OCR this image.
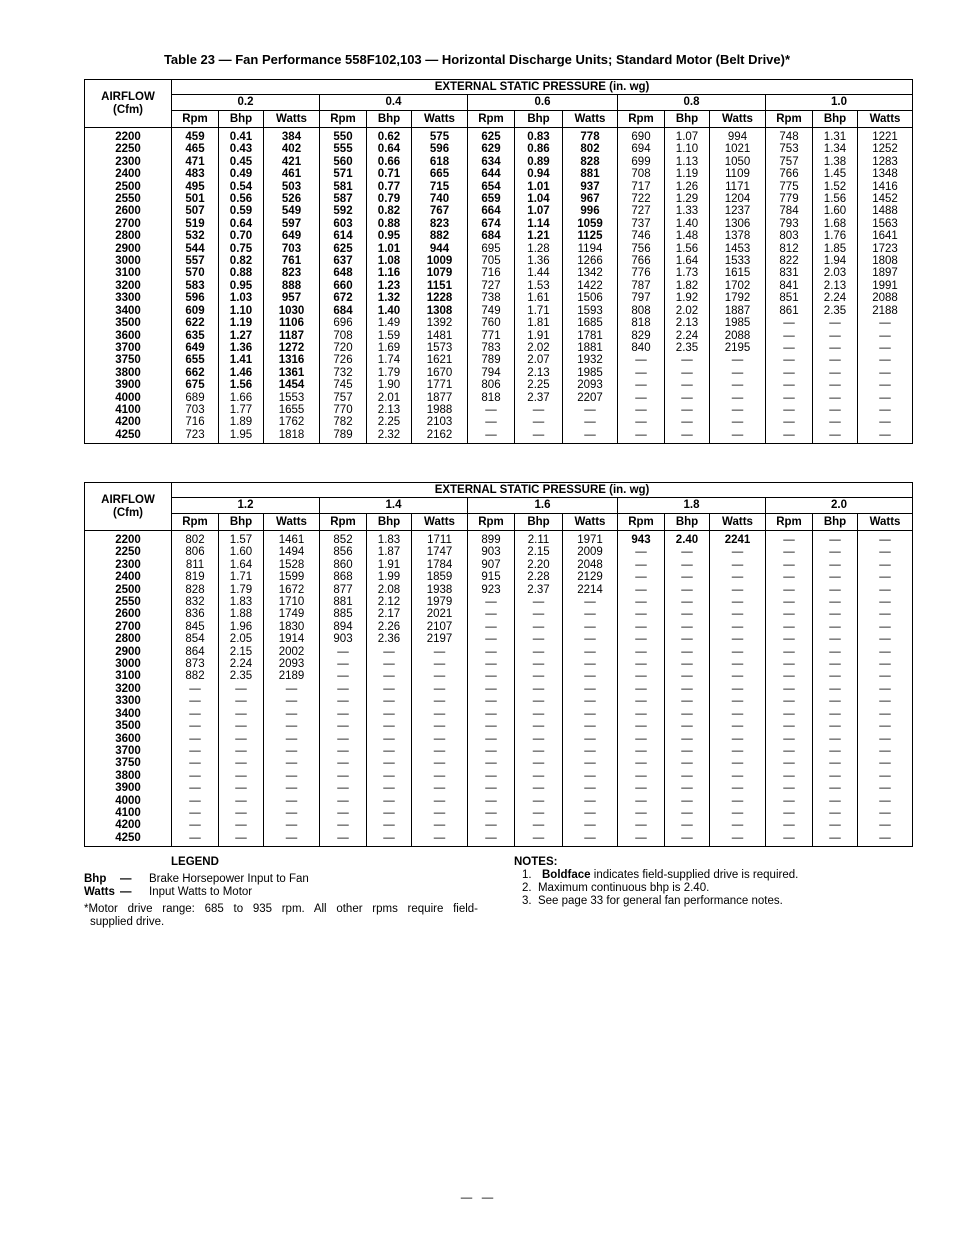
Table 23 — Fan Performance 558F102,103 — Horizontal Discharge Units; Standard Motor (Belt Drive)*
AIRFLOW
(Cfm)	EXTERNAL STATIC PRESSURE (in. wg)														
	0.2			0.4			0.6			0.8			1.0		
	Rpm	Bhp	Watts	Rpm	Bhp	Watts	Rpm	Bhp	Watts	Rpm	Bhp	Watts	Rpm	Bhp	Watts
2200	459	0.41	384	550	0.62	575	625	0.83	778	690	1.07	994	748	1.31	1221
2250	465	0.43	402	555	0.64	596	629	0.86	802	694	1.10	1021	753	1.34	1252
2300	471	0.45	421	560	0.66	618	634	0.89	828	699	1.13	1050	757	1.38	1283
2400	483	0.49	461	571	0.71	665	644	0.94	881	708	1.19	1109	766	1.45	1348
2500	495	0.54	503	581	0.77	715	654	1.01	937	717	1.26	1171	775	1.52	1416
2550	501	0.56	526	587	0.79	740	659	1.04	967	722	1.29	1204	779	1.56	1452
2600	507	0.59	549	592	0.82	767	664	1.07	996	727	1.33	1237	784	1.60	1488
2700	519	0.64	597	603	0.88	823	674	1.14	1059	737	1.40	1306	793	1.68	1563
2800	532	0.70	649	614	0.95	882	684	1.21	1125	746	1.48	1378	803	1.76	1641
2900	544	0.75	703	625	1.01	944	695	1.28	1194	756	1.56	1453	812	1.85	1723
3000	557	0.82	761	637	1.08	1009	705	1.36	1266	766	1.64	1533	822	1.94	1808
3100	570	0.88	823	648	1.16	1079	716	1.44	1342	776	1.73	1615	831	2.03	1897
3200	583	0.95	888	660	1.23	1151	727	1.53	1422	787	1.82	1702	841	2.13	1991
3300	596	1.03	957	672	1.32	1228	738	1.61	1506	797	1.92	1792	851	2.24	2088
3400	609	1.10	1030	684	1.40	1308	749	1.71	1593	808	2.02	1887	861	2.35	2188
3500	622	1.19	1106	696	1.49	1392	760	1.81	1685	818	2.13	1985	—	—	—
3600	635	1.27	1187	708	1.59	1481	771	1.91	1781	829	2.24	2088	—	—	—
3700	649	1.36	1272	720	1.69	1573	783	2.02	1881	840	2.35	2195	—	—	—
3750	655	1.41	1316	726	1.74	1621	789	2.07	1932	—	—	—	—	—	—
3800	662	1.46	1361	732	1.79	1670	794	2.13	1985	—	—	—	—	—	—
3900	675	1.56	1454	745	1.90	1771	806	2.25	2093	—	—	—	—	—	—
4000	689	1.66	1553	757	2.01	1877	818	2.37	2207	—	—	—	—	—	—
4100	703	1.77	1655	770	2.13	1988	—	—	—	—	—	—	—	—	—
4200	716	1.89	1762	782	2.25	2103	—	—	—	—	—	—	—	—	—
4250	723	1.95	1818	789	2.32	2162	—	—	—	—	—	—	—	—	—
AIRFLOW
(Cfm)	EXTERNAL STATIC PRESSURE (in. wg)														
	1.2			1.4			1.6			1.8			2.0		
	Rpm	Bhp	Watts	Rpm	Bhp	Watts	Rpm	Bhp	Watts	Rpm	Bhp	Watts	Rpm	Bhp	Watts
2200	802	1.57	1461	852	1.83	1711	899	2.11	1971	943	2.40	2241	—	—	—
2250	806	1.60	1494	856	1.87	1747	903	2.15	2009	—	—	—	—	—	—
2300	811	1.64	1528	860	1.91	1784	907	2.20	2048	—	—	—	—	—	—
2400	819	1.71	1599	868	1.99	1859	915	2.28	2129	—	—	—	—	—	—
2500	828	1.79	1672	877	2.08	1938	923	2.37	2214	—	—	—	—	—	—
2550	832	1.83	1710	881	2.12	1979	—	—	—	—	—	—	—	—	—
2600	836	1.88	1749	885	2.17	2021	—	—	—	—	—	—	—	—	—
2700	845	1.96	1830	894	2.26	2107	—	—	—	—	—	—	—	—	—
2800	854	2.05	1914	903	2.36	2197	—	—	—	—	—	—	—	—	—
2900	864	2.15	2002	—	—	—	—	—	—	—	—	—	—	—	—
3000	873	2.24	2093	—	—	—	—	—	—	—	—	—	—	—	—
3100	882	2.35	2189	—	—	—	—	—	—	—	—	—	—	—	—
3200	—	—	—	—	—	—	—	—	—	—	—	—	—	—	—
3300	—	—	—	—	—	—	—	—	—	—	—	—	—	—	—
3400	—	—	—	—	—	—	—	—	—	—	—	—	—	—	—
3500	—	—	—	—	—	—	—	—	—	—	—	—	—	—	—
3600	—	—	—	—	—	—	—	—	—	—	—	—	—	—	—
3700	—	—	—	—	—	—	—	—	—	—	—	—	—	—	—
3750	—	—	—	—	—	—	—	—	—	—	—	—	—	—	—
3800	—	—	—	—	—	—	—	—	—	—	—	—	—	—	—
3900	—	—	—	—	—	—	—	—	—	—	—	—	—	—	—
4000	—	—	—	—	—	—	—	—	—	—	—	—	—	—	—
4100	—	—	—	—	—	—	—	—	—	—	—	—	—	—	—
4200	—	—	—	—	—	—	—	—	—	—	—	—	—	—	—
4250	—	—	—	—	—	—	—	—	—	—	—	—	—	—	—
LEGEND
Bhp — Brake Horsepower Input to Fan
Watts — Input Watts to Motor
*Motor drive range: 685 to 935 rpm. All other rpms require field-
supplied drive.
NOTES:
1. Boldface indicates field-supplied drive is required.
2.  Maximum continuous bhp is 2.40.
3.  See page 33 for general fan performance notes.
—   —
